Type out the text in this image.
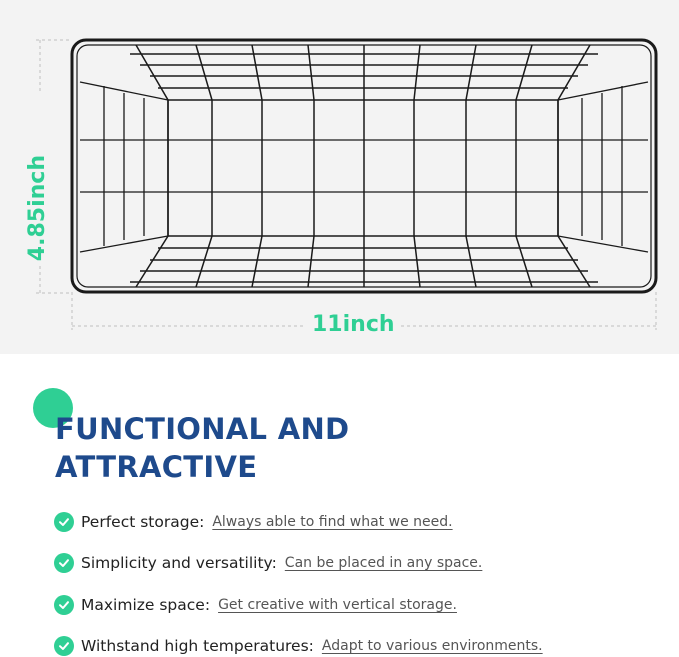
11inch
4.85inch
FUNCTIONAL AND
ATTRACTIVE
Perfect storage: Always able to find what we need.
Simplicity and versatility: Can be placed in any space.
Maximize space: Get creative with vertical storage.
Withstand high temperatures: Adapt to various environments.
